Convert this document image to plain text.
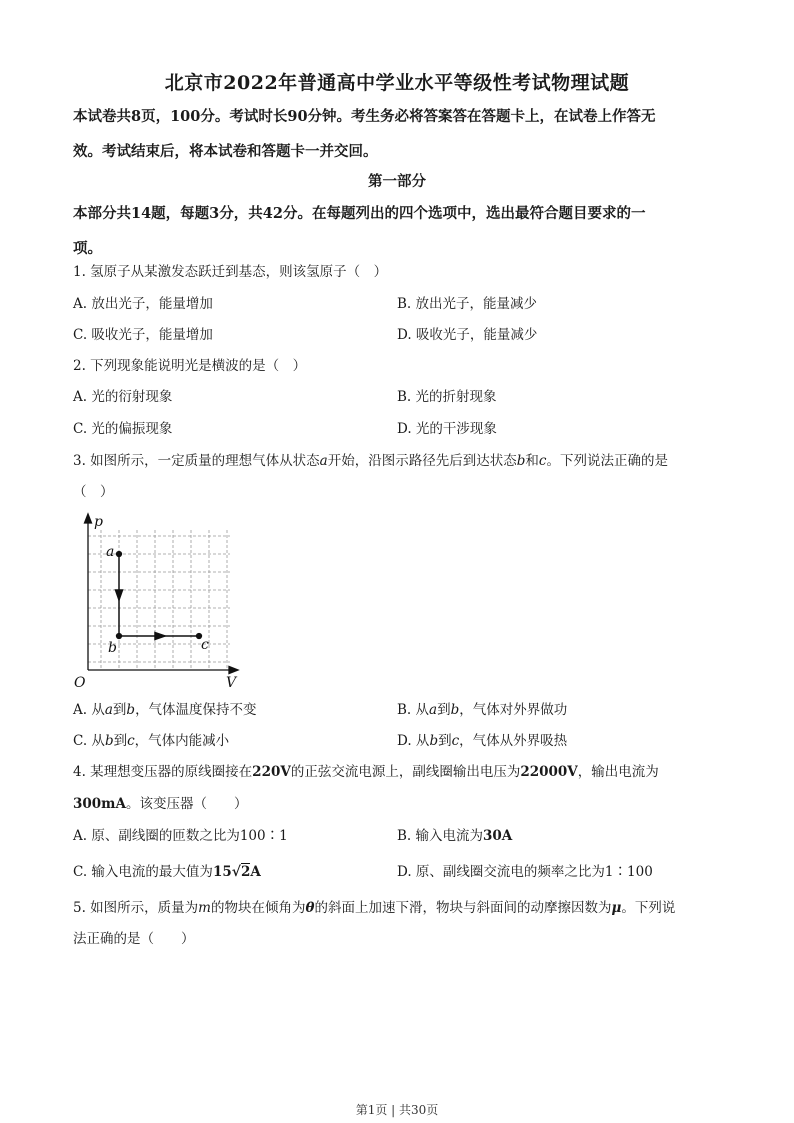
北京市2022年普通高中学业水平等级性考试物理试题
本试卷共8页，100分。考试时长90分钟。考生务必将答案答在答题卡上，在试卷上作答无
效。考试结束后，将本试卷和答题卡一并交回。
第一部分
本部分共14题，每题3分，共42分。在每题列出的四个选项中，选出最符合题目要求的一
项。
1. 氢原子从某激发态跃迁到基态，则该氢原子（　）
A. 放出光子，能量增加	B. 放出光子，能量减少
C. 吸收光子，能量增加	D. 吸收光子，能量减少
2. 下列现象能说明光是横波的是（　）
A. 光的衍射现象	B. 光的折射现象
C. 光的偏振现象	D. 光的干涉现象
3. 如图所示，一定质量的理想气体从状态a开始，沿图示路径先后到达状态b和c。下列说法正确的是
（　）
p
V
O
a
b	c
A. 从a到b，气体温度保持不变	B. 从a到b，气体对外界做功
C. 从b到c，气体内能减小	D. 从b到c，气体从外界吸热
4. 某理想变压器的原线圈接在220V的正弦交流电源上，副线圈输出电压为22000V，输出电流为
300mA。该变压器（　　）
A. 原、副线圈的匝数之比为100∶1	B. 输入电流为30A
C. 输入电流的最大值为15√2A	D. 原、副线圈交流电的频率之比为1∶100
5. 如图所示，质量为m的物块在倾角为θ的斜面上加速下滑，物块与斜面间的动摩擦因数为μ。下列说
法正确的是（　　）
第1页 | 共30页
